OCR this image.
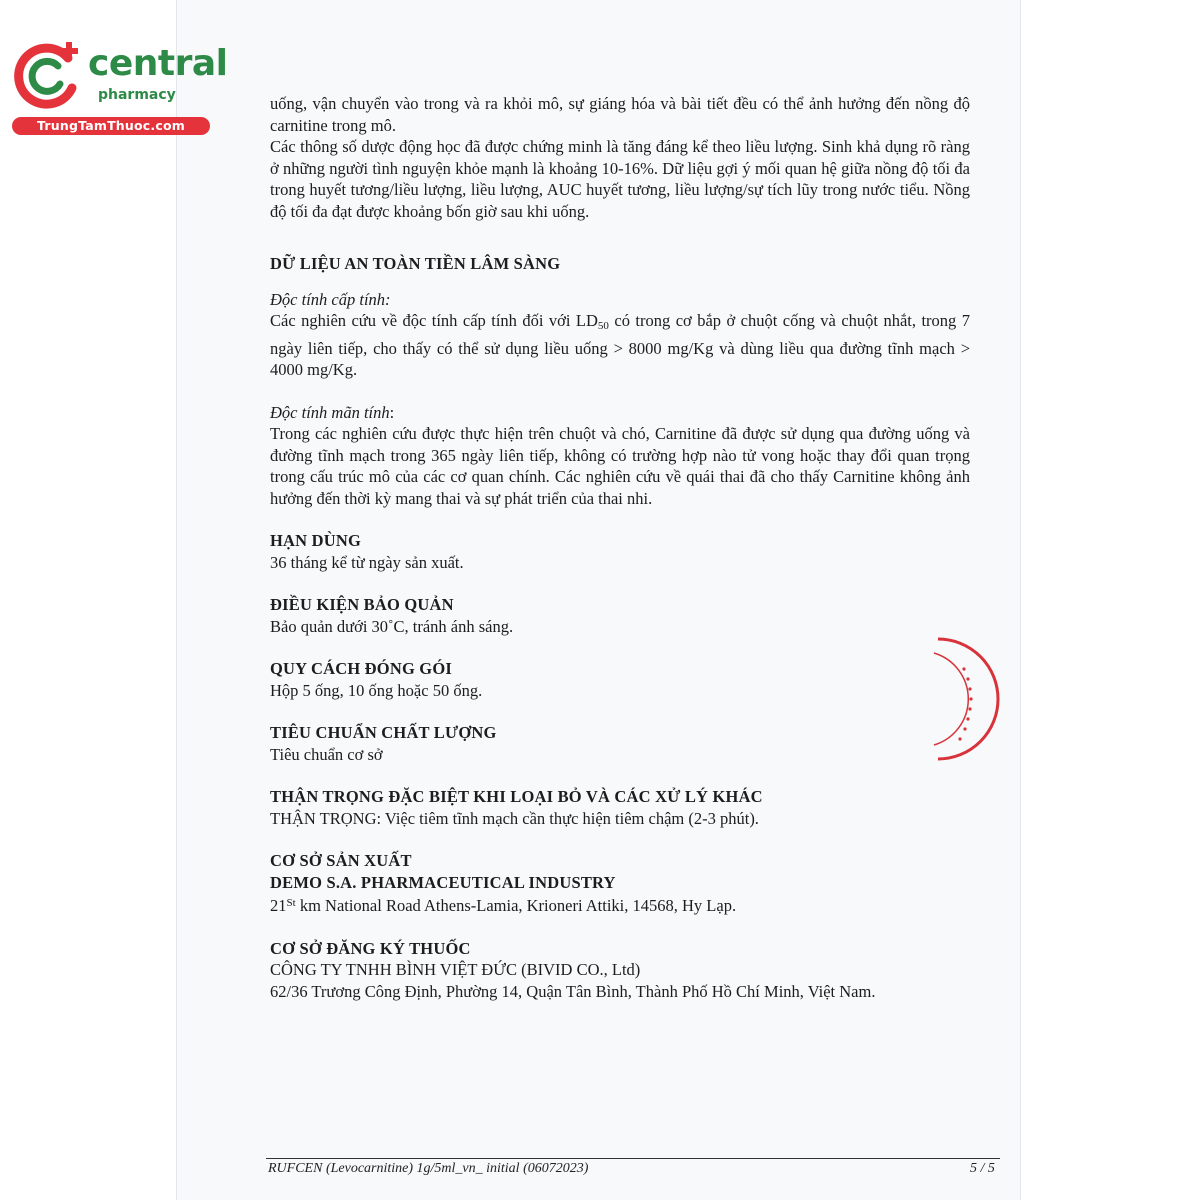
central
pharmacy
TrungTamThuoc.com

uống, vận chuyển vào trong và ra khỏi mô, sự giáng hóa và bài tiết đều có thể ảnh hưởng đến nồng độ carnitine trong mô.

Các thông số dược động học đã được chứng minh là tăng đáng kể theo liều lượng. Sinh khả dụng rõ ràng ở những người tình nguyện khỏe mạnh là khoảng 10-16%. Dữ liệu gợi ý mối quan hệ giữa nồng độ tối đa trong huyết tương/liều lượng, liều lượng, AUC huyết tương, liều lượng/sự tích lũy trong nước tiểu. Nồng độ tối đa đạt được khoảng bốn giờ sau khi uống.

DỮ LIỆU AN TOÀN TIỀN LÂM SÀNG

Độc tính cấp tính:

Các nghiên cứu về độc tính cấp tính đối với $LD_{50}$ có trong cơ bắp ở chuột cống và chuột nhắt, trong 7 ngày liên tiếp, cho thấy có thể sử dụng liều uống > 8000 mg/Kg và dùng liều qua đường tĩnh mạch > 4000 mg/Kg.

Độc tính mãn tính:

Trong các nghiên cứu được thực hiện trên chuột và chó, Carnitine đã được sử dụng qua đường uống và đường tĩnh mạch trong 365 ngày liên tiếp, không có trường hợp nào tử vong hoặc thay đổi quan trọng trong cấu trúc mô của các cơ quan chính. Các nghiên cứu về quái thai đã cho thấy Carnitine không ảnh hưởng đến thời kỳ mang thai và sự phát triển của thai nhi.

HẠN DÙNG

36 tháng kể từ ngày sản xuất.

ĐIỀU KIỆN BẢO QUẢN

Bảo quản dưới 30˚C, tránh ánh sáng.

QUY CÁCH ĐÓNG GÓI

Hộp 5 ống, 10 ống hoặc 50 ống.

TIÊU CHUẨN CHẤT LƯỢNG

Tiêu chuẩn cơ sở

THẬN TRỌNG ĐẶC BIỆT KHI LOẠI BỎ VÀ CÁC XỬ LÝ KHÁC

THẬN TRỌNG: Việc tiêm tĩnh mạch cần thực hiện tiêm chậm (2-3 phút).

CƠ SỞ SẢN XUẤT

DEMO S.A. PHARMACEUTICAL INDUSTRY

21St km National Road Athens-Lamia, Krioneri Attiki, 14568, Hy Lạp.

CƠ SỞ ĐĂNG KÝ THUỐC

CÔNG TY TNHH BÌNH VIỆT ĐỨC (BIVID CO., Ltd)

62/36 Trương Công Định, Phường 14, Quận Tân Bình, Thành Phố Hồ Chí Minh, Việt Nam.

RUFCEN (Levocarnitine) 1g/5ml_vn_ initial (06072023)	5 / 5
